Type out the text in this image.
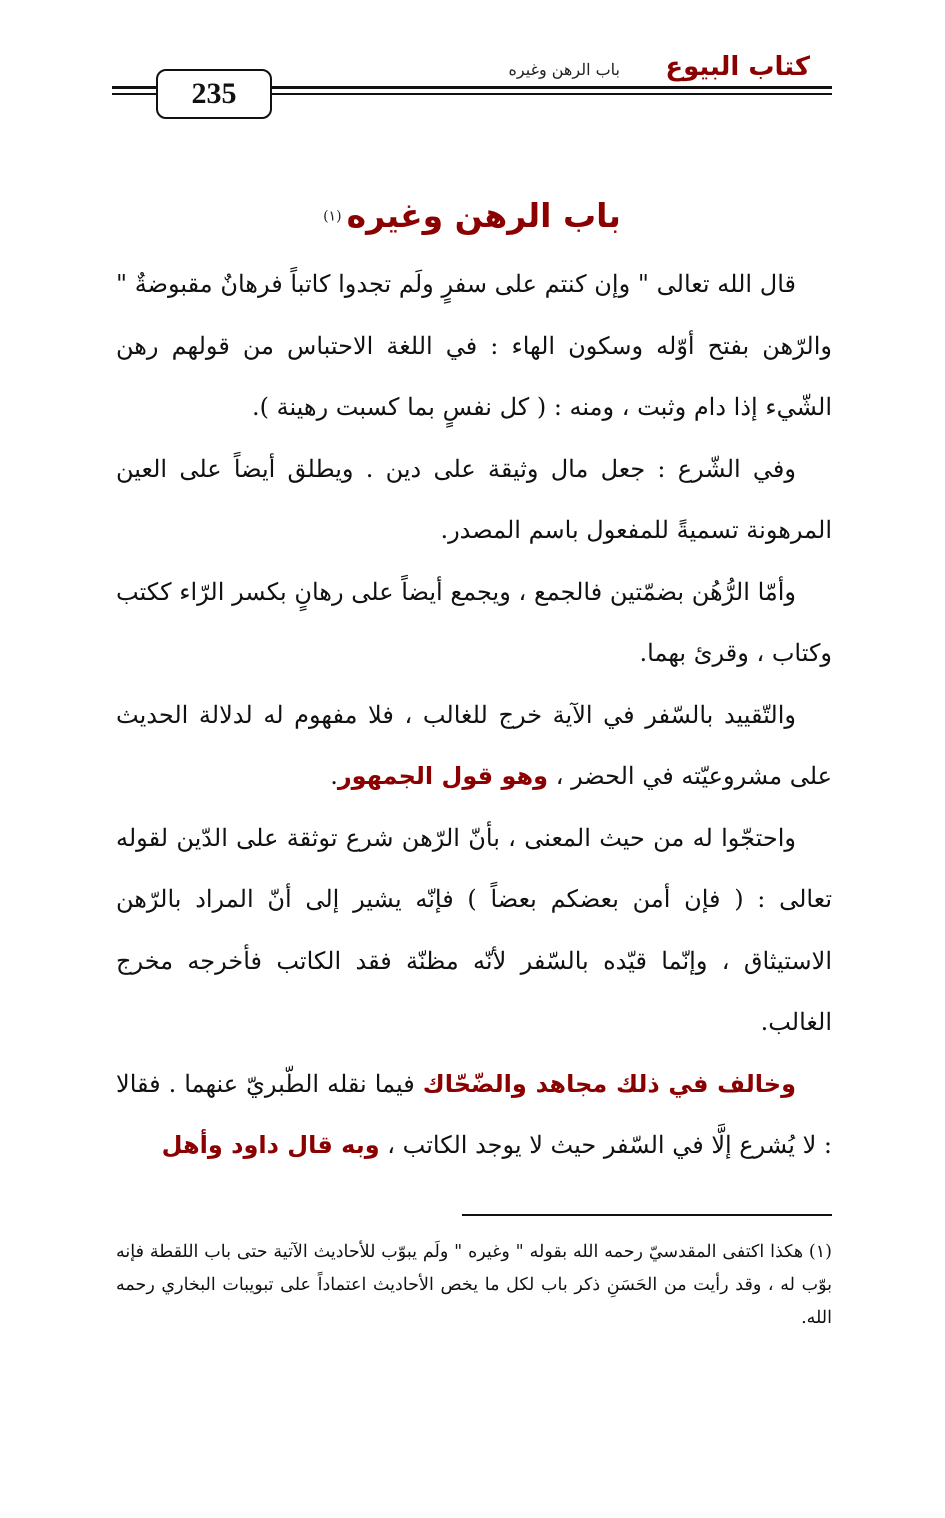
كتاب البيوع
باب الرهن وغيره
235
باب الرهن وغيره (١)

قال الله تعالى " وإن كنتم على سفرٍ ولَم تجدوا كاتباً فرهانٌ مقبوضةٌ " والرّهن بفتح أوّله وسكون الهاء : في اللغة الاحتباس من قولهم رهن الشّيء إذا دام وثبت ، ومنه : ( كل نفسٍ بما كسبت رهينة ).

وفي الشّرع : جعل مال وثيقة على دين . ويطلق أيضاً على العين المرهونة تسميةً للمفعول باسم المصدر.

وأمّا الرُّهُن بضمّتين فالجمع ، ويجمع أيضاً على رهانٍ بكسر الرّاء ككتب وكتاب ، وقرئ بهما.

والتّقييد بالسّفر في الآية خرج للغالب ، فلا مفهوم له لدلالة الحديث على مشروعيّته في الحضر ، وهو قول الجمهور.

واحتجّوا له من حيث المعنى ، بأنّ الرّهن شرع توثقة على الدّين لقوله تعالى : ( فإن أمن بعضكم بعضاً ) فإنّه يشير إلى أنّ المراد بالرّهن الاستيثاق ، وإنّما قيّده بالسّفر لأنّه مظنّة فقد الكاتب فأخرجه مخرج الغالب.

وخالف في ذلك مجاهد والضّحّاك فيما نقله الطّبريّ عنهما . فقالا : لا يُشرع إلَّا في السّفر حيث لا يوجد الكاتب ، وبه قال داود وأهل

(١) هكذا اكتفى المقدسيّ رحمه الله بقوله " وغيره " ولَم يبوّب للأحاديث الآتية حتى باب اللقطة فإنه بوّب له ، وقد رأيت من الحَسَنِ ذكر باب لكل ما يخص الأحاديث اعتماداً على تبويبات البخاري رحمه الله.
